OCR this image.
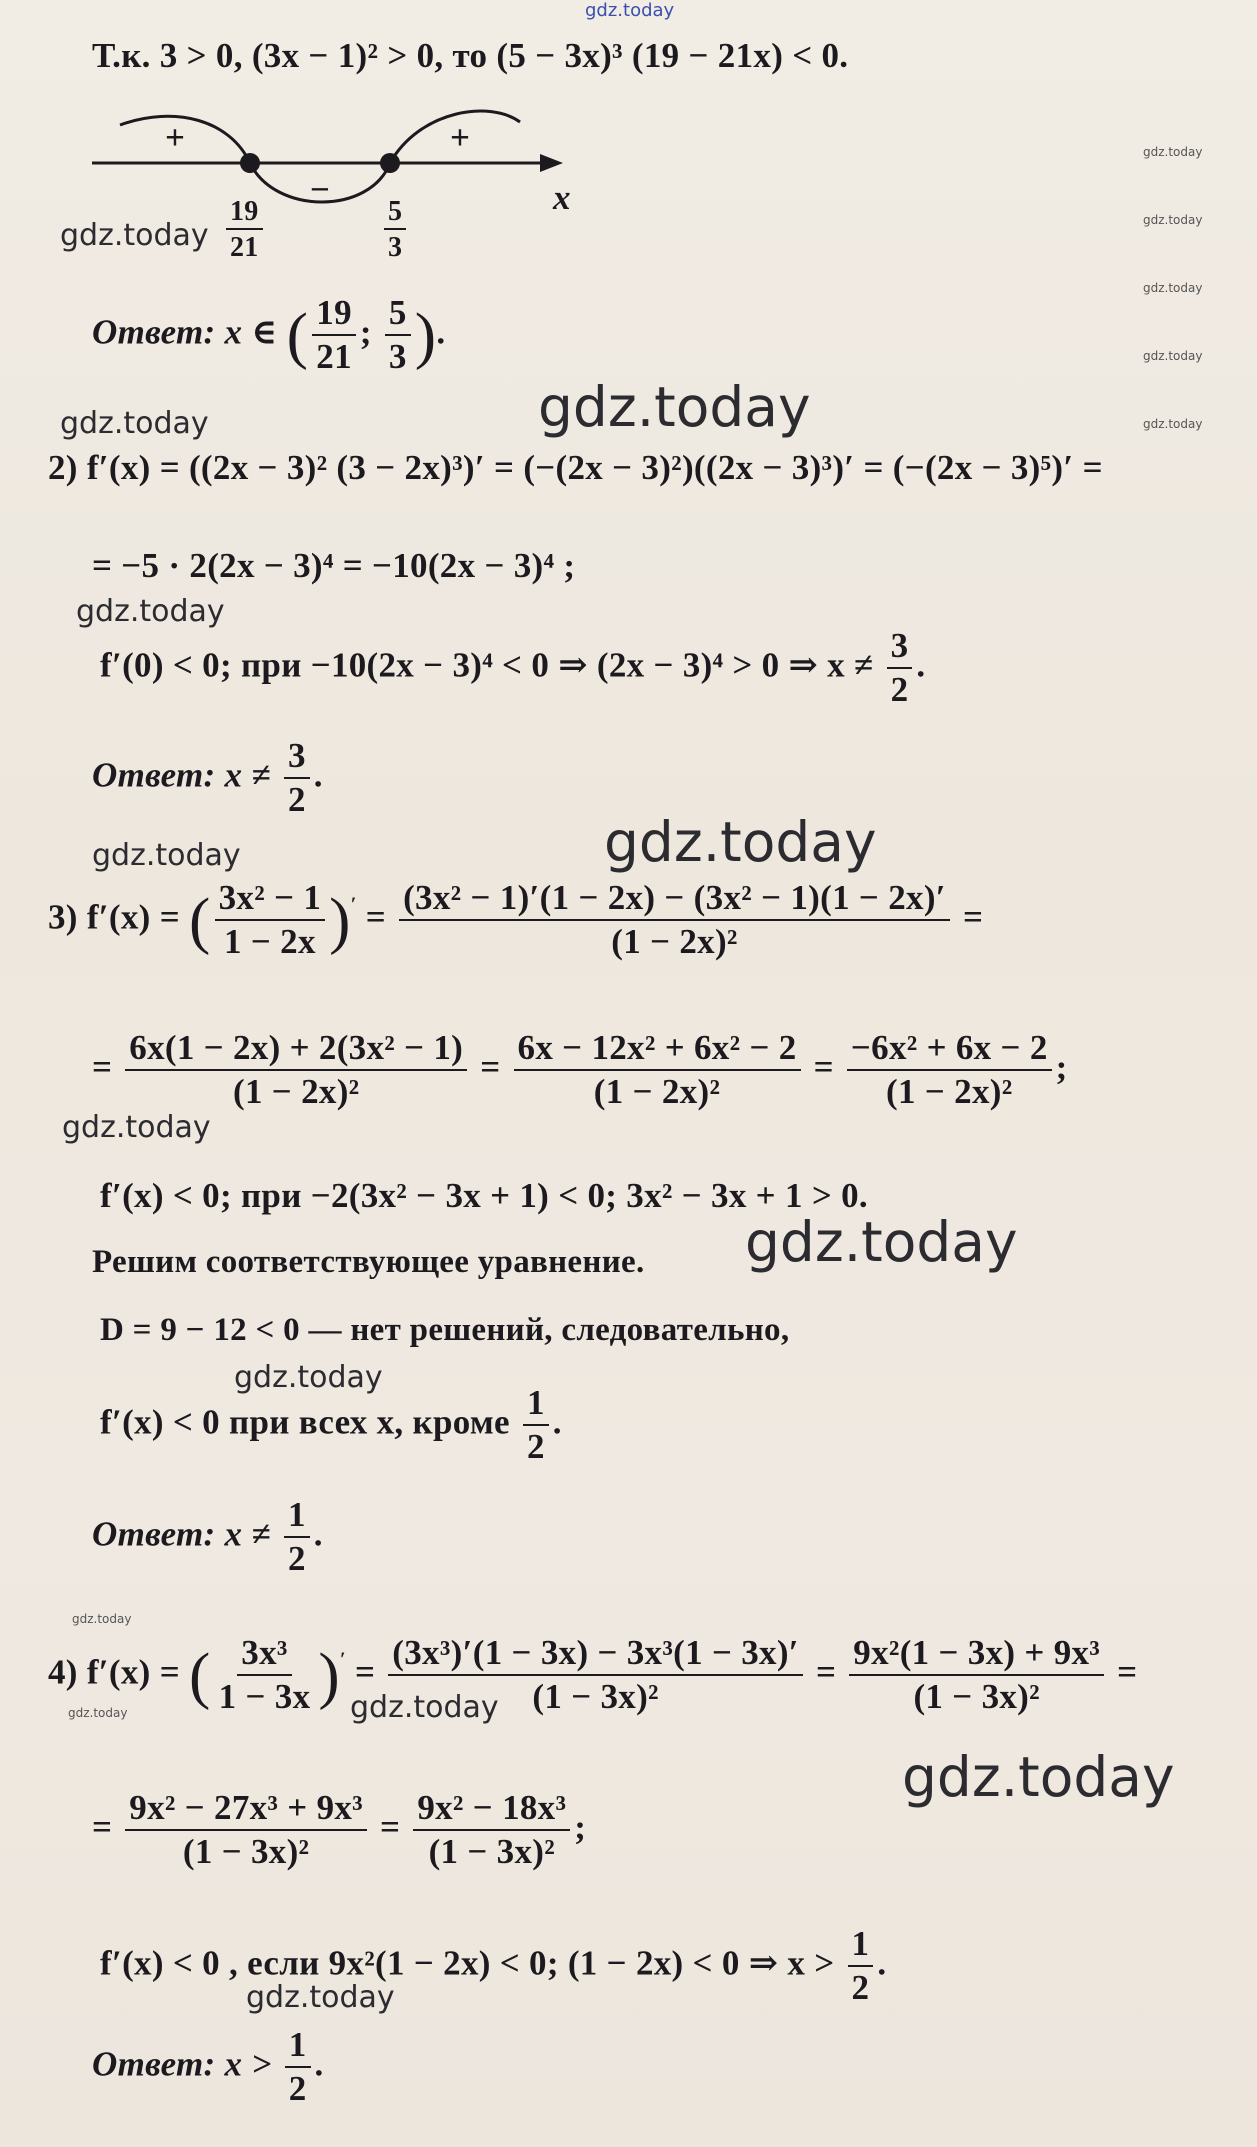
gdz.today
Т.к. 3 > 0, (3x − 1)² > 0, то (5 − 3x)³ (19 − 21x) < 0.
+
−
+
x
$\frac{19}{21}$	$\frac{5}{3}$
Ответ: x ∈ ( $\frac{19}{21}$ ; $\frac{5}{3}$ ).
2) f′(x) = ((2x − 3)² (3 − 2x)³)′ = (−(2x − 3)²)((2x − 3)³)′ = (−(2x − 3)⁵)′ =
= −5 · 2(2x − 3)⁴ = −10(2x − 3)⁴ ;
f′(0) < 0; при −10(2x − 3)⁴ < 0 ⇒ (2x − 3)⁴ > 0 ⇒ $x \ne \frac{3}{2}$ .
Ответ: $x \ne \frac{3}{2}$ .
3) f′(x) = ( $\frac{\text{3x² − 1}}{1 - 2x} )' = \frac{\text{(3x² − 1)′(1 − 2x) − (3x² − 1)(1 − 2x)′}}{\text{(1 − 2x)²}}$ =
= $\frac{\text{6x(1 − 2x) + 2(3x² − 1)}}{\text{(1 − 2x)²}} = \frac{\text{6x − 12x² + 6x² − 2}}{\text{(1 − 2x)²}} = \frac{\text{−6x² + 6x − 2}}{\text{(1 − 2x)²}}$ ;
f′(x) < 0; при −2(3x² − 3x + 1) < 0; 3x² − 3x + 1 > 0.
Решим соответствующее уравнение.
D = 9 − 12 < 0 — нет решений, следовательно,
f′(x) < 0 при всех x, кроме $\frac{1}{2}$ .
Ответ: $x \ne \frac{1}{2}$ .
4) f′(x) = ( $\frac{\text{3x³}}{1 - 3x} )' = \frac{\text{(3x³)′(1 − 3x) − 3x³(1 − 3x)′}}{\text{(1 − 3x)²}} = \frac{\text{9x²(1 − 3x) + 9x³}}{\text{(1 − 3x)²}}$ =
= $\frac{\text{9x² − 27x³ + 9x³}}{\text{(1 − 3x)²}} = \frac{\text{9x² − 18x³}}{\text{(1 − 3x)²}}$ ;
f′(x) < 0 , если 9x²(1 − 2x) < 0; (1 − 2x) < 0 ⇒ $x > \frac{1}{2}$ .
Ответ: $x > \frac{1}{2}$ .
gdz.today
gdz.today	gdz.today
gdz.today
gdz.today	gdz.today
gdz.today
gdz.today
gdz.today
gdz.today
gdz.today
gdz.today
gdz.today
gdz.today
gdz.today
gdz.today
gdz.today
gdz.today
gdz.today
